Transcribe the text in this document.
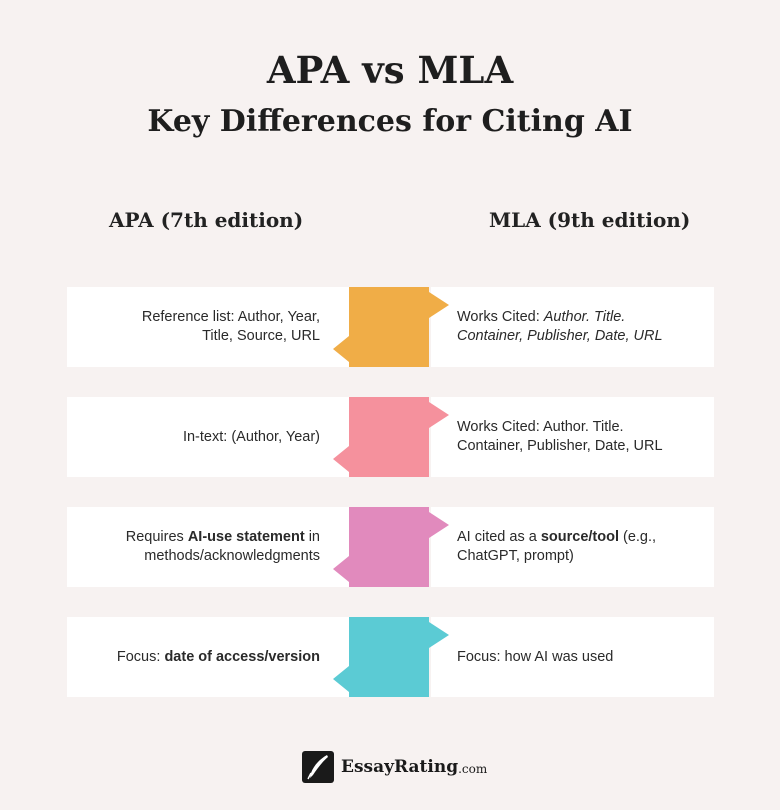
APA vs MLA
Key Differences for Citing AI
APA (7th edition)	MLA (9th edition)
Reference list: Author, Year,
Title, Source, URL
Works Cited: Author. Title.
Container, Publisher, Date, URL
In-text: (Author, Year)
Works Cited: Author. Title.
Container, Publisher, Date, URL
Requires AI-use statement in
methods/acknowledgments
AI cited as a source/tool (e.g.,
ChatGPT, prompt)
Focus: date of access/version	Focus: how AI was used
EssayRating .com
